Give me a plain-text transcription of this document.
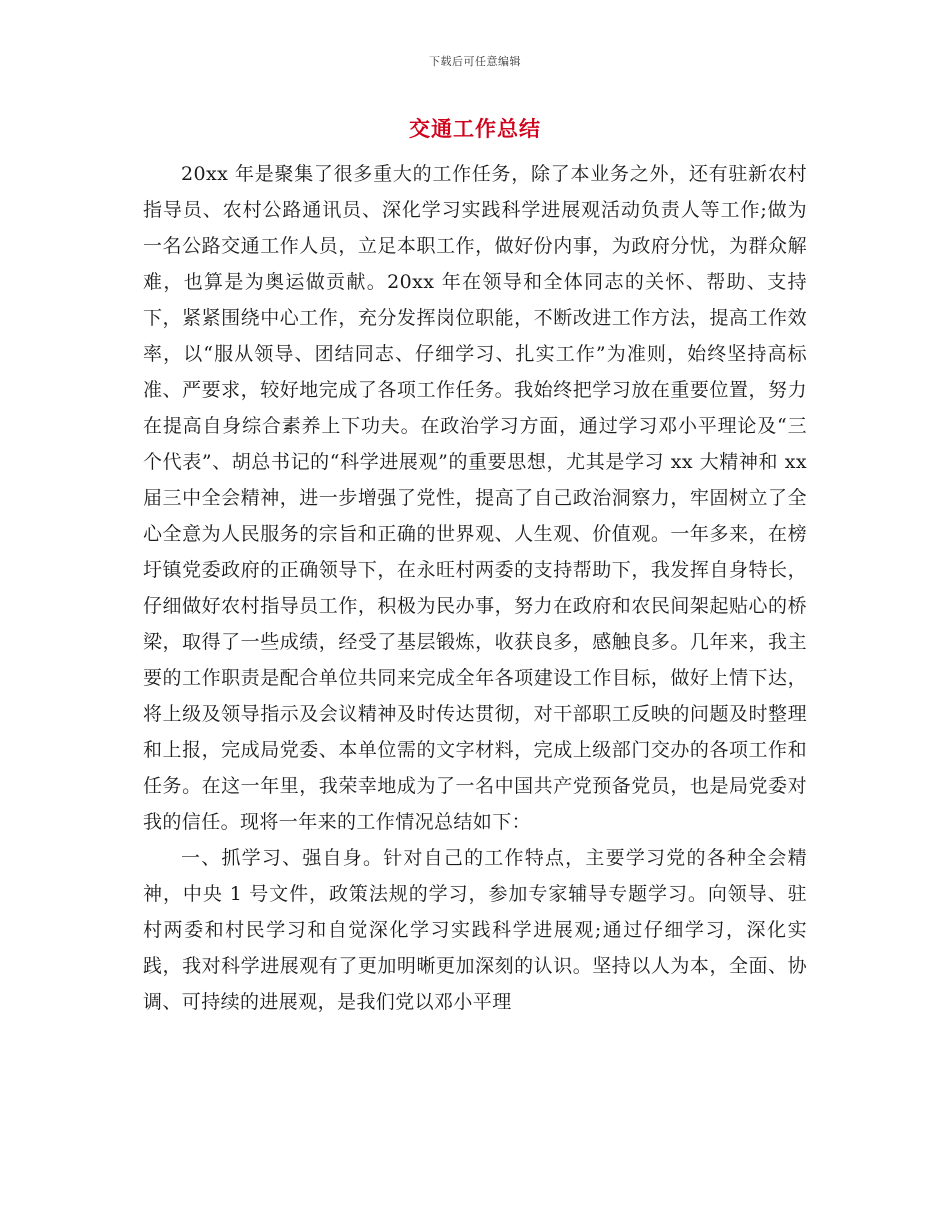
下载后可任意编辑
交通工作总结

20xx 年是聚集了很多重大的工作任务，除了本业务之外，还有驻新农村指导员、农村公路通讯员、深化学习实践科学进展观活动负责人等工作;做为一名公路交通工作人员，立足本职工作，做好份内事，为政府分忧，为群众解难，也算是为奥运做贡献。20xx 年在领导和全体同志的关怀、帮助、支持下，紧紧围绕中心工作，充分发挥岗位职能，不断改进工作方法，提高工作效率，以“服从领导、团结同志、仔细学习、扎实工作”为准则，始终坚持高标准、严要求，较好地完成了各项工作任务。我始终把学习放在重要位置，努力在提高自身综合素养上下功夫。在政治学习方面，通过学习邓小平理论及“三个代表”、胡总书记的“科学进展观”的重要思想，尤其是学习 xx 大精神和 xx 届三中全会精神，进一步增强了党性，提高了自己政治洞察力，牢固树立了全心全意为人民服务的宗旨和正确的世界观、人生观、价值观。一年多来，在榜圩镇党委政府的正确领导下，在永旺村两委的支持帮助下，我发挥自身特长，仔细做好农村指导员工作，积极为民办事，努力在政府和农民间架起贴心的桥梁，取得了一些成绩，经受了基层锻炼，收获良多，感触良多。几年来，我主要的工作职责是配合单位共同来完成全年各项建设工作目标，做好上情下达，将上级及领导指示及会议精神及时传达贯彻，对干部职工反映的问题及时整理和上报，完成局党委、本单位需的文字材料，完成上级部门交办的各项工作和任务。在这一年里，我荣幸地成为了一名中国共产党预备党员，也是局党委对我的信任。现将一年来的工作情况总结如下：

一、抓学习、强自身。针对自己的工作特点，主要学习党的各种全会精神，中央 1 号文件，政策法规的学习，参加专家辅导专题学习。向领导、驻村两委和村民学习和自觉深化学习实践科学进展观;通过仔细学习，深化实践，我对科学进展观有了更加明晰更加深刻的认识。坚持以人为本，全面、协调、可持续的进展观，是我们党以邓小平理
